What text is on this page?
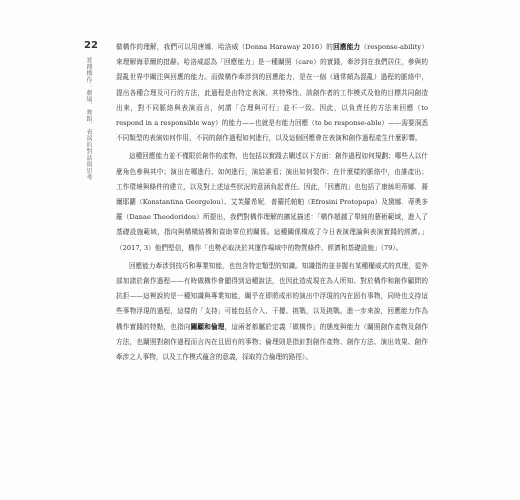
22
實踐構作：劇場、舞蹈、表演的對話與思考

做構作的理解，我們可以用唐娜．哈洛威（Donna Haraway 2016）的回應能力（response-ability）來理解海菲爾的措辭。哈洛威認為「回應能力」是一種關照（care）的實踐，牽涉到在我們居住，參與的混亂世界中關注與回應的能力。而做構作牽涉到的回應能力，是在一個（通常頗為混亂）過程的脈絡中，提出各種合理及可行的方法，此過程是由特定表演、其特殊性、該創作者的工作模式及他的目標共同創造出來，對不同脈絡與表演而言，何謂「合理與可行」並不一致。因此，以負責任的方法來回應（to respond in a responsible way）的能力——也就是有能力回應（to be response-able）——需要洞悉不同類型的表演如何作用，不同的創作過程如何進行，以及這個回應會在表演和創作過程產生什麼影響。

這種回應能力並不僅限於創作的產物，也包括以實踐去闡述以下方面：創作過程如何規劃；哪些人以什麼角色參與其中；演出在哪進行、如何進行，演給誰看；演出如何製作；在什麼樣的脈絡中，由誰產出；工作環境與條件的建立，以及對上述這些狀況的意涵負起責任。因此，「回應的」也包括了康絲坦蒂娜．蕎爾耶蘿（Konstantina Georgelou）、艾芙羅希妮．普羅托帕帕（Efrosini Protopapa）及黛娜．蒂奧多羅（Danae Theodoridou）所提出，我們對構作理解的擴延描述：「構作超越了單純的藝術範域，進入了基礎設施範域，指向與構構結構和資助單位的關係。這種關係構成了今日表演理論與表演實踐的經濟。」（2017, 3）他們堅信，構作「也勢必取決於其運作場域中的物質條件、經濟和基礎設施」（79）。

回應能力牽涉到技巧和專業知能，也包含特定類型的知識。知識指的並非握有某種權威式的真理，從外部加諸於創作過程——有時做構作會顯得到這種說法，也因此造成現在為人所知、對於構作和創作顧問的抗拒——這裡說的是一種知識與專業知能，關乎在即將成形的演出中浮現的內在固有事物，同時也支持這些事物浮現的過程，這樣的「支持」可能包括介入、干擾、挑戰，以及挑戰。進一步來說，回應能力作為構作實踐的特點，也指向關顧和倫理，這兩者都屬於定義「做構作」的態度與能力（關照創作產物及創作方法，也關照對創作過程而言內在且固有的事物；倫理則是指針對創作產物、創作方法、演出效果、創作牽涉之人事物，以及工作模式蘊含的意義，採取符合倫理的路徑）。
